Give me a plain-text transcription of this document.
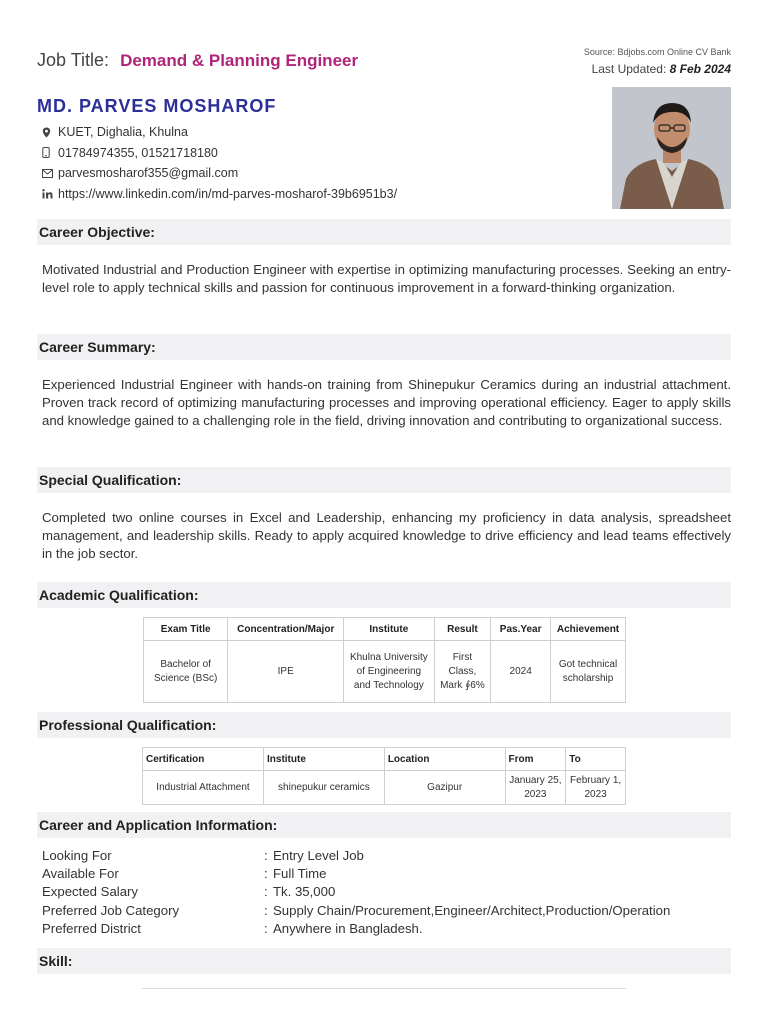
Job Title: Demand & Planning Engineer	Source: Bdjobs.com Online CV Bank
Last Updated: 8 Feb 2024
MD. PARVES MOSHAROF
KUET, Dighalia, Khulna
01784974355, 01521718180
parvesmosharof355@gmail.com
https://www.linkedin.com/in/md-parves-mosharof-39b6951b3/
Career Objective:

Motivated Industrial and Production Engineer with expertise in optimizing manufacturing processes. Seeking an entry-level role to apply technical skills and passion for continuous improvement in a forward-thinking organization.

Career Summary:

Experienced Industrial Engineer with hands-on training from Shinepukur Ceramics during an industrial attachment. Proven track record of optimizing manufacturing processes and improving operational efficiency. Eager to apply skills and knowledge gained to a challenging role in the field, driving innovation and contributing to organizational success.

Special Qualification:

Completed two online courses in Excel and Leadership, enhancing my proficiency in data analysis, spreadsheet management, and leadership skills. Ready to apply acquired knowledge to drive efficiency and lead teams effectively in the job sector.

Academic Qualification:
Exam Title	Concentration/Major	Institute	Result	Pas.Year	Achievement
Bachelor of Science (BSc)	IPE	Khulna University of Engineering and Technology	First Class, Mark ∮6%	2024	Got technical scholarship
Professional Qualification:
Certification	Institute	Location	From	To
Industrial Attachment	shinepukur ceramics	Gazipur	January 25, 2023	February 1, 2023
Career and Application Information:
Looking For	: Entry Level Job
Available For	: Full Time
Expected Salary	: Tk. 35,000
Preferred Job Category	: Supply Chain/Procurement,Engineer/Architect,Production/Operation
Preferred District	: Anywhere in Bangladesh.
Skill:
